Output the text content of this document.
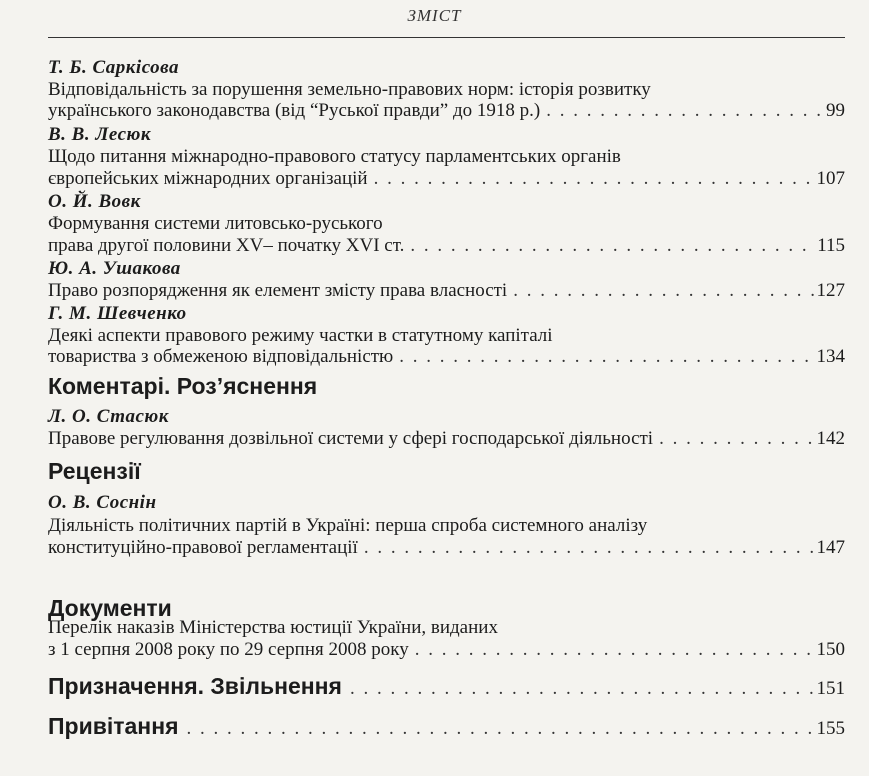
ЗМІСТ
Т. Б. Саркісова
Відповідальність за порушення земельно-правових норм: історія розвитку
українського законодавства (від “Руської правди” до 1918 р.) . . .	99
В. В. Лесюк
Щодо питання міжнародно-правового статусу парламентських органів
європейських міжнародних організацій . . .	107
О. Й. Вовк
Формування системи литовсько-руського
права другої половини XV– початку XVI ст. . . .	115
Ю. А. Ушакова
Право розпорядження як елемент змісту права власності . . .	127
Г. М. Шевченко
Деякі аспекти правового режиму частки в статутному капіталі
товариства з обмеженою відповідальністю . . .	134
Коментарі. Роз’яснення
Л. О. Стасюк
Правове регулювання дозвільної системи у сфері господарської діяльності . . .	142
Рецензії
О. В. Соснін
Діяльність політичних партій в Україні: перша спроба системного аналізу
конституційно-правової регламентації . . .	147
Документи
Перелік наказів Міністерства юстиції України, виданих
з 1 серпня 2008 року по 29 серпня 2008 року . . .	150
Призначення. Звільнення . . .	151
Привітання . . .	155
